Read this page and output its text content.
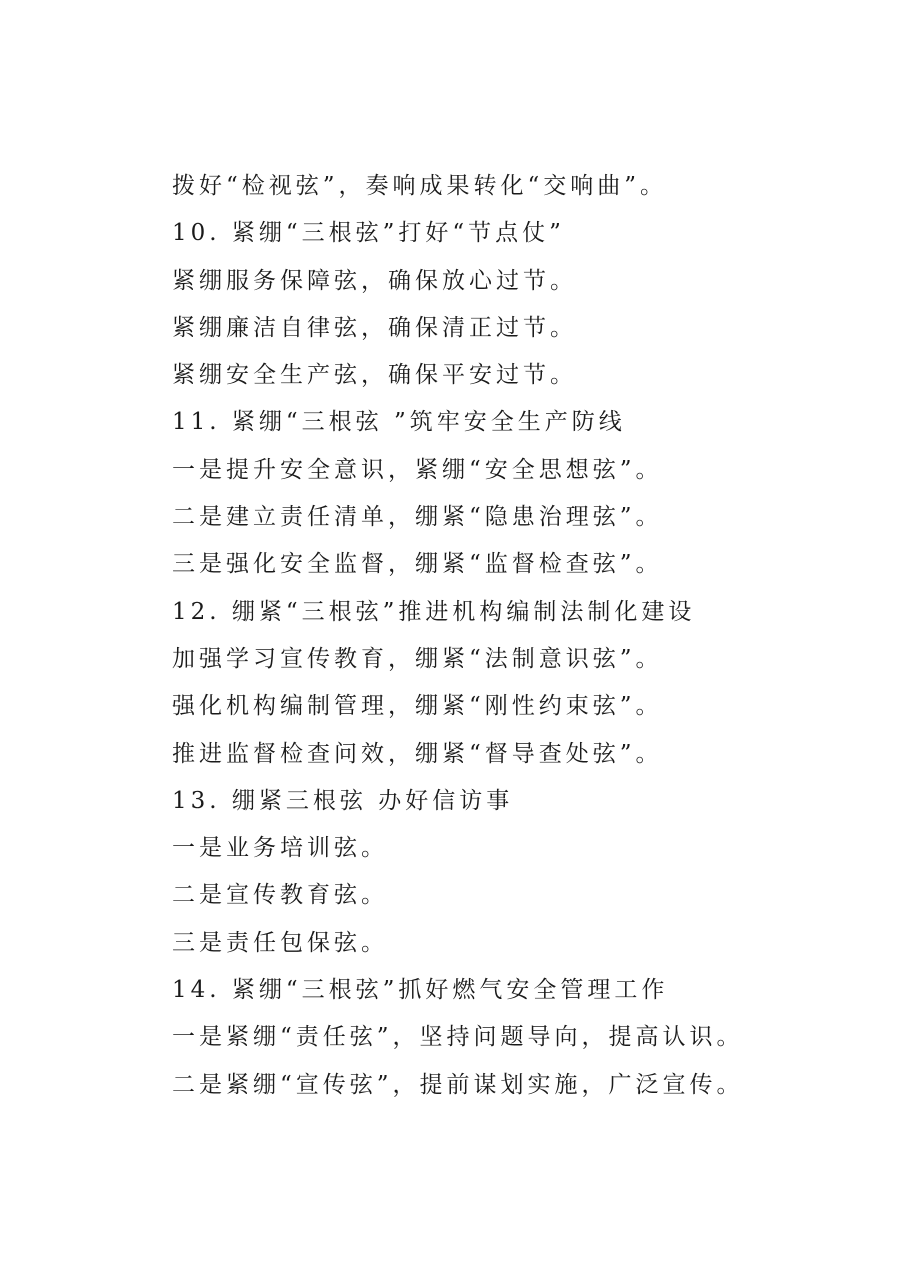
拨好“检视弦”，奏响成果转化“交响曲”。
10. 紧绷“三根弦”打好“节点仗”
紧绷服务保障弦，确保放心过节。
紧绷廉洁自律弦，确保清正过节。
紧绷安全生产弦，确保平安过节。
11. 紧绷“三根弦 ”筑牢安全生产防线
一是提升安全意识，紧绷“安全思想弦”。
二是建立责任清单，绷紧“隐患治理弦”。
三是强化安全监督，绷紧“监督检查弦”。
12. 绷紧“三根弦”推进机构编制法制化建设
加强学习宣传教育，绷紧“法制意识弦”。
强化机构编制管理，绷紧“刚性约束弦”。
推进监督检查问效，绷紧“督导查处弦”。
13. 绷紧三根弦 办好信访事
一是业务培训弦。
二是宣传教育弦。
三是责任包保弦。
14. 紧绷“三根弦”抓好燃气安全管理工作
一是紧绷“责任弦”，坚持问题导向，提高认识。
二是紧绷“宣传弦”，提前谋划实施，广泛宣传。
